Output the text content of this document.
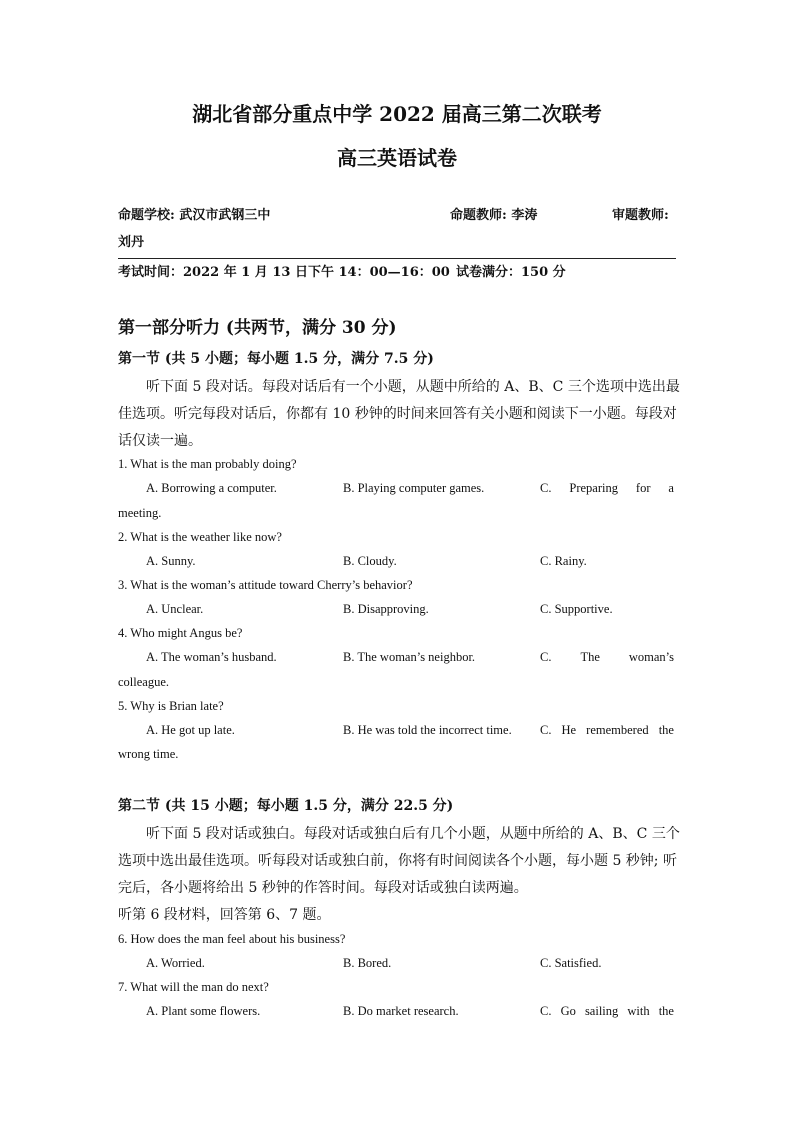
湖北省部分重点中学 2022 届高三第二次联考
高三英语试卷
命题学校: 武汉市武钢三中	命题教师: 李涛	审题教师:
刘丹
考试时间：2022 年 1 月 13 日下午 14：00—16：00 试卷满分：150 分
第一部分听力 (共两节，满分 30 分)
第一节 (共 5 小题；每小题 1.5 分，满分 7.5 分)
听下面 5 段对话。每段对话后有一个小题，从题中所给的 A、B、C 三个选项中选出最
佳选项。听完每段对话后，你都有 10 秒钟的时间来回答有关小题和阅读下一小题。每段对
话仅读一遍。
1. What is the man probably doing?
A. Borrowing a computer.	B. Playing computer games.	C. Preparing for a
meeting.
2. What is the weather like now?
A. Sunny.	B. Cloudy.	C. Rainy.
3. What is the woman’s attitude toward Cherry’s behavior?
A. Unclear.	B. Disapproving.	C. Supportive.
4. Who might Angus be?
A. The woman’s husband.	B. The woman’s neighbor.	C. The woman’s
colleague.
5. Why is Brian late?
A. He got up late.	B. He was told the incorrect time. C. He remembered the
wrong time.
第二节 (共 15 小题；每小题 1.5 分，满分 22.5 分)
听下面 5 段对话或独白。每段对话或独白后有几个小题，从题中所给的 A、B、C 三个
选项中选出最佳选项。听每段对话或独白前，你将有时间阅读各个小题，每小题 5 秒钟; 听
完后，各小题将给出 5 秒钟的作答时间。每段对话或独白读两遍。
听第 6 段材料，回答第 6、7 题。
6. How does the man feel about his business?
A. Worried.	B. Bored.	C. Satisfied.
7. What will the man do next?
A. Plant some flowers.	B. Do market research.	C. Go sailing with the
